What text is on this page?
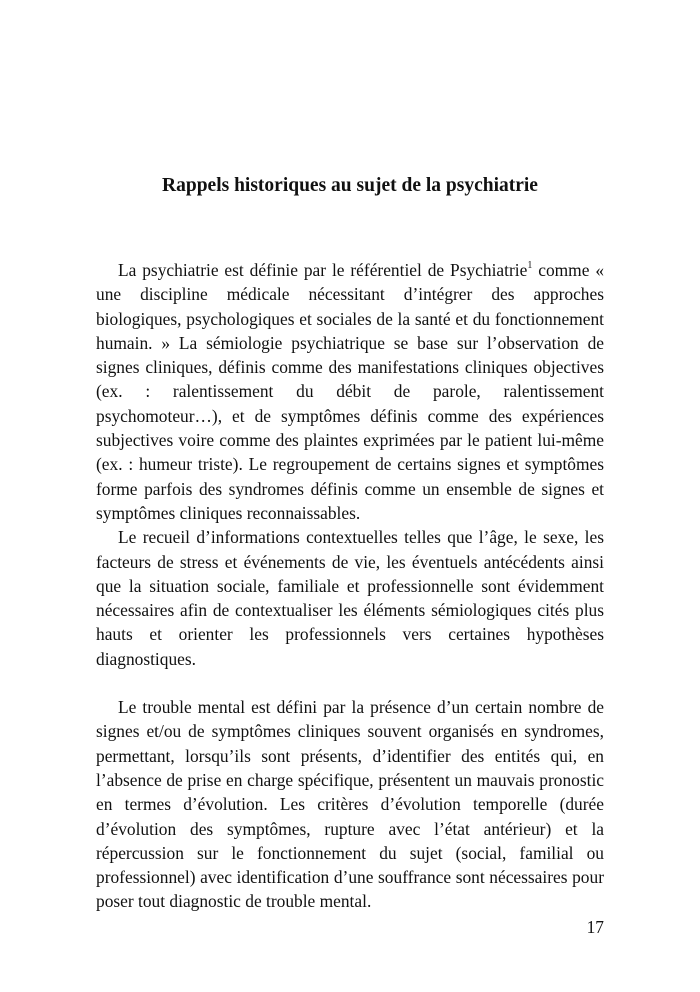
Rappels historiques au sujet de la psychiatrie

La psychiatrie est définie par le référentiel de Psychiatrie$^1$ comme « une discipline médicale nécessitant d’intégrer des approches biologiques, psychologiques et sociales de la santé et du fonctionnement humain. » La sémiologie psychiatrique se base sur l’observation de signes cliniques, définis comme des manifestations cliniques objectives (ex. : ralentissement du débit de parole, ralentissement psychomoteur…), et de symptômes définis comme des expériences subjectives voire comme des plaintes exprimées par le patient lui-même (ex. : humeur triste). Le regroupement de certains signes et symptômes forme parfois des syndromes définis comme un ensemble de signes et symptômes cliniques reconnaissables.

Le recueil d’informations contextuelles telles que l’âge, le sexe, les facteurs de stress et événements de vie, les éventuels antécédents ainsi que la situation sociale, familiale et professionnelle sont évidemment nécessaires afin de contextualiser les éléments sémiologiques cités plus hauts et orienter les professionnels vers certaines hypothèses diagnostiques.

Le trouble mental est défini par la présence d’un certain nombre de signes et/ou de symptômes cliniques souvent organisés en syndromes, permettant, lorsqu’ils sont présents, d’identifier des entités qui, en l’absence de prise en charge spécifique, présentent un mauvais pronostic en termes d’évolution. Les critères d’évolution temporelle (durée d’évolution des symptômes, rupture avec l’état antérieur) et la répercussion sur le fonctionnement du sujet (social, familial ou professionnel) avec identification d’une souffrance sont nécessaires pour poser tout diagnostic de trouble mental.

17
